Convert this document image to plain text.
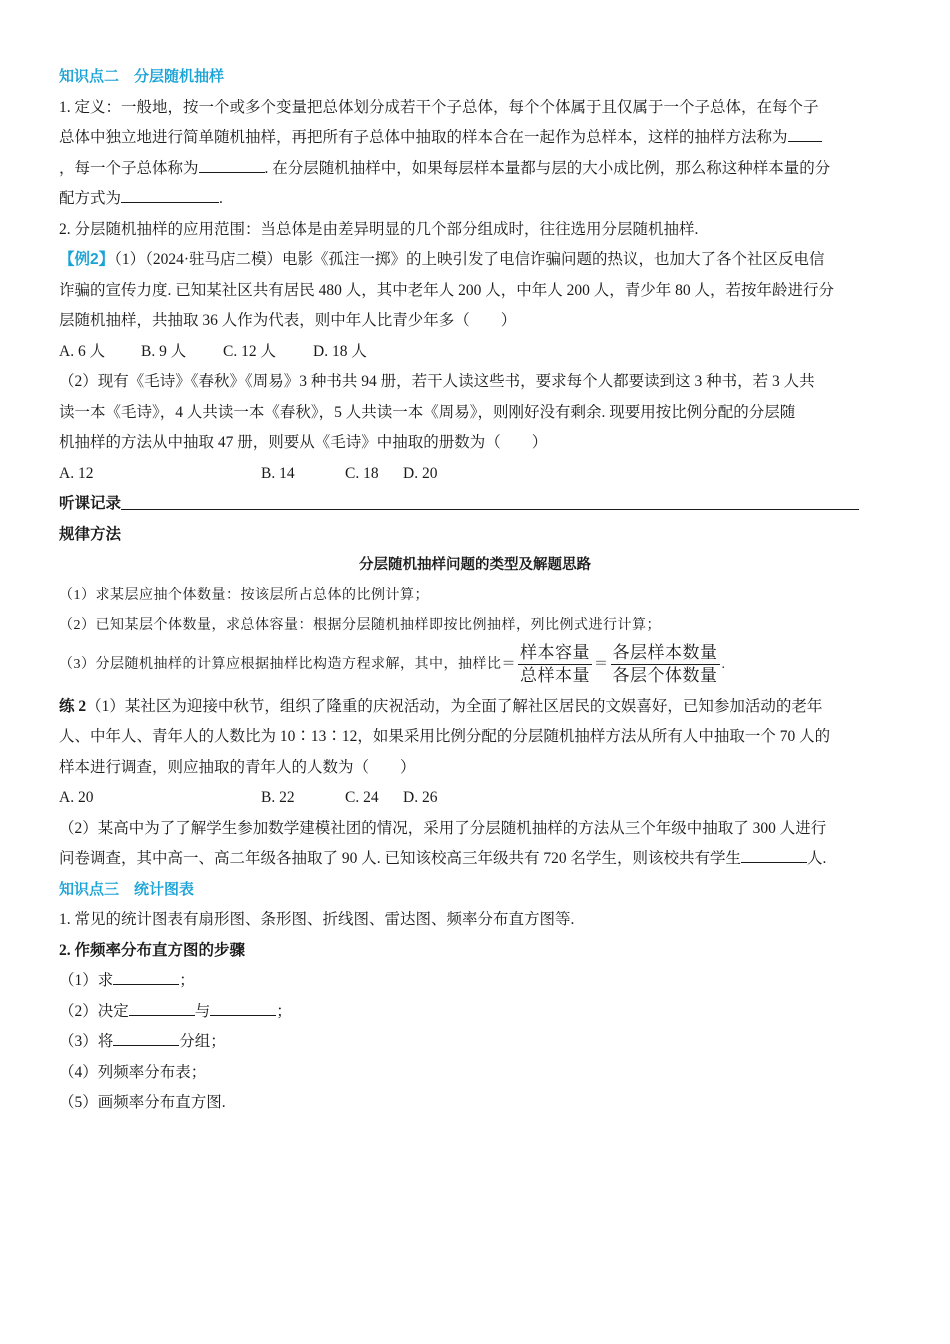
知识点二　分层随机抽样
1. 定义：一般地，按一个或多个变量把总体划分成若干个子总体，每个个体属于且仅属于一个子总体，在每个子
总体中独立地进行简单随机抽样，再把所有子总体中抽取的样本合在一起作为总样本，这样的抽样方法称为
，每一个子总体称为	. 在分层随机抽样中，如果每层样本量都与层的大小成比例，那么称这种样本量的分
配方式为	.
2. 分层随机抽样的应用范围：当总体是由差异明显的几个部分组成时，往往选用分层随机抽样.
【例2】（1）（2024·驻马店二模）电影《孤注一掷》的上映引发了电信诈骗问题的热议，也加大了各个社区反电信
诈骗的宣传力度. 已知某社区共有居民 480 人，其中老年人 200 人，中年人 200 人，青少年 80 人，若按年龄进行分
层随机抽样，共抽取 36 人作为代表，则中年人比青少年多（　　）
A. 6 人 B. 9 人 C. 12 人 D. 18 人
（2）现有《毛诗》《春秋》《周易》3 种书共 94 册，若干人读这些书，要求每个人都要读到这 3 种书，若 3 人共
读一本《毛诗》，4 人共读一本《春秋》，5 人共读一本《周易》，则刚好没有剩余. 现要用按比例分配的分层随
机抽样的方法从中抽取 47 册，则要从《毛诗》中抽取的册数为（　　）
A. 12	B. 14	C. 18 D. 20
听课记录
规律方法
分层随机抽样问题的类型及解题思路
（1）求某层应抽个体数量：按该层所占总体的比例计算；
（2）已知某层个体数量，求总体容量：根据分层随机抽样即按比例抽样，列比例式进行计算；
（3）分层随机抽样的计算应根据抽样比构造方程求解，其中，抽样比＝ $\frac{\text{样本容量}}{\text{总样本量}} = \frac{\text{各层样本数量}}{\text{各层个体数量}}$ .
练 2（1）某社区为迎接中秋节，组织了隆重的庆祝活动，为全面了解社区居民的文娱喜好，已知参加活动的老年
人、中年人、青年人的人数比为 10∶13∶12，如果采用比例分配的分层随机抽样方法从所有人中抽取一个 70 人的
样本进行调查，则应抽取的青年人的人数为（　　）
A. 20	B. 22	C. 24 D. 26
（2）某高中为了了解学生参加数学建模社团的情况，采用了分层随机抽样的方法从三个年级中抽取了 300 人进行
问卷调查，其中高一、高二年级各抽取了 90 人. 已知该校高三年级共有 720 名学生，则该校共有学生	人.
知识点三　统计图表
1. 常见的统计图表有扇形图、条形图、折线图、雷达图、频率分布直方图等.
2. 作频率分布直方图的步骤
（1）求	；
（2）决定	与	；
（3）将	分组；
（4）列频率分布表；
（5）画频率分布直方图.
